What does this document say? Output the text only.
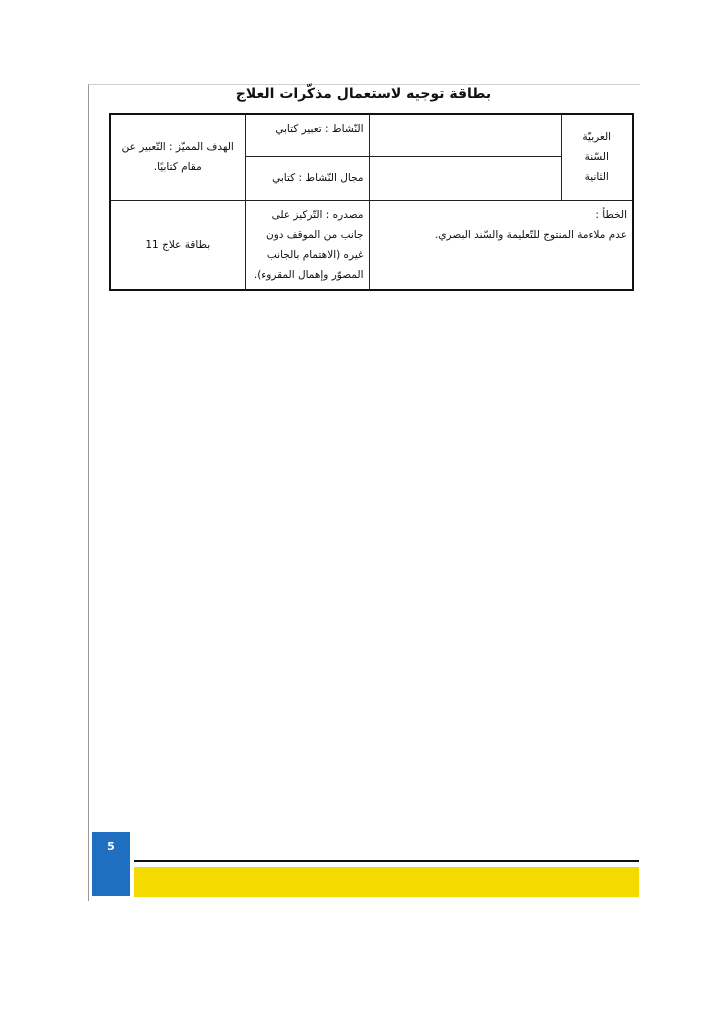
بطاقة توجيه لاستعمال مذكّرات العلاج
العربيّة
السّنة
الثانية		النّشاط : تعبير كتابي	الهدف المميّز : التّعبير عن مقام كتابيًا.
		مجال النّشاط : كتابي	

الخطأ :
عدم ملاءمة المنتوج للتّعليمة والسّند البصري.		مصدره : التّركيز على جانب من الموقف دون غيره (الاهتمام بالجانب المصوّر وإهمال المقروء).	بطاقة علاج 11
5
